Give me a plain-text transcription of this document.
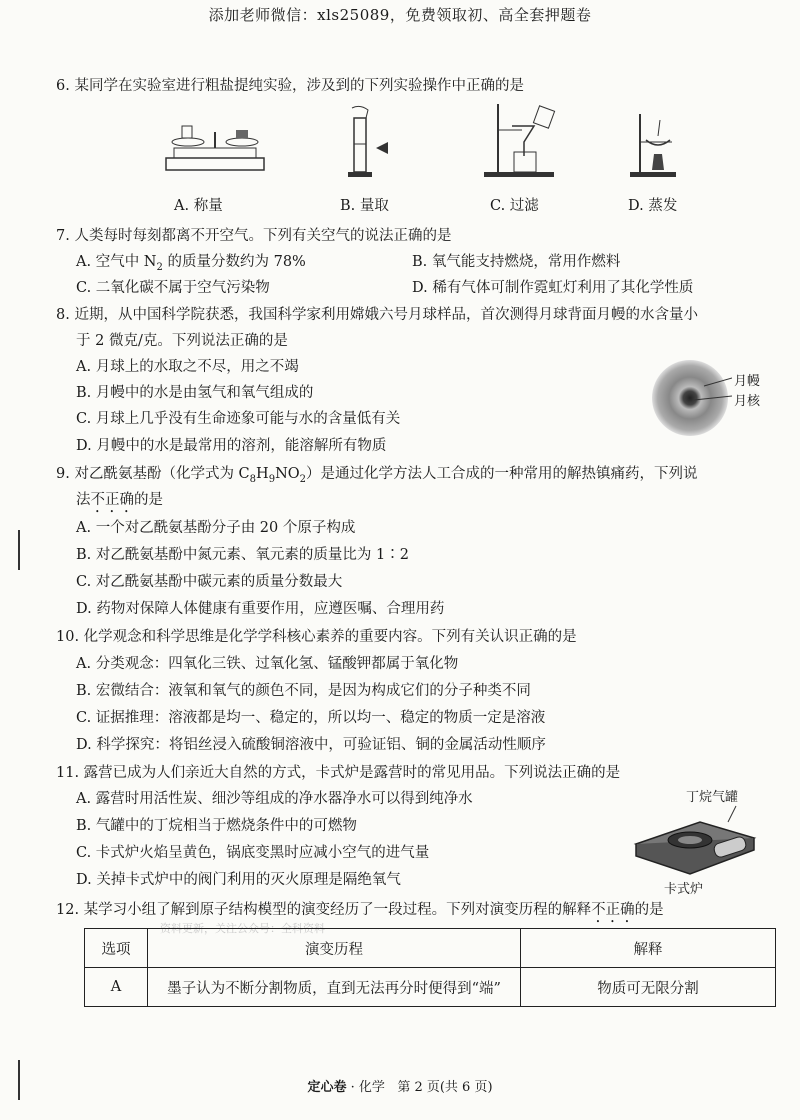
添加老师微信：xls25089，免费领取初、高全套押题卷
6. 某同学在实验室进行粗盐提纯实验，涉及到的下列实验操作中正确的是
A. 称量	B. 量取	C. 过滤	D. 蒸发
7. 人类每时每刻都离不开空气。下列有关空气的说法正确的是
A. 空气中 $N_2$ 的质量分数约为 78%	B. 氧气能支持燃烧，常用作燃料
C. 二氧化碳不属于空气污染物	D. 稀有气体可制作霓虹灯利用了其化学性质
8. 近期，从中国科学院获悉，我国科学家利用嫦娥六号月球样品，首次测得月球背面月幔的水含量小
于 2 微克/克。下列说法正确的是
A. 月球上的水取之不尽，用之不竭
B. 月幔中的水是由氢气和氧气组成的
C. 月球上几乎没有生命迹象可能与水的含量低有关
D. 月幔中的水是最常用的溶剂，能溶解所有物质
月幔
月核
9. 对乙酰氨基酚（化学式为 $C_8H_9NO_2$）是通过化学方法人工合成的一种常用的解热镇痛药，下列说
法不正确的是
A. 一个对乙酰氨基酚分子由 20 个原子构成
B. 对乙酰氨基酚中氮元素、氧元素的质量比为 1∶2
C. 对乙酰氨基酚中碳元素的质量分数最大
D. 药物对保障人体健康有重要作用，应遵医嘱、合理用药
10. 化学观念和科学思维是化学学科核心素养的重要内容。下列有关认识正确的是
A. 分类观念：四氧化三铁、过氧化氢、锰酸钾都属于氧化物
B. 宏微结合：液氧和氧气的颜色不同，是因为构成它们的分子种类不同
C. 证据推理：溶液都是均一、稳定的，所以均一、稳定的物质一定是溶液
D. 科学探究：将铝丝浸入硫酸铜溶液中，可验证铝、铜的金属活动性顺序
11. 露营已成为人们亲近大自然的方式，卡式炉是露营时的常见用品。下列说法正确的是
A. 露营时用活性炭、细沙等组成的净水器净水可以得到纯净水
B. 气罐中的丁烷相当于燃烧条件中的可燃物
C. 卡式炉火焰呈黄色，锅底变黑时应减小空气的进气量
D. 关掉卡式炉中的阀门利用的灭火原理是隔绝氧气
丁烷气罐
卡式炉
12. 某学习小组了解到原子结构模型的演变经历了一段过程。下列对演变历程的解释不正确的是
资料更新，关注公众号：全科资料
选项	演变历程	解释
A	墨子认为不断分割物质，直到无法再分时便得到“端”	物质可无限分割
定心卷 · 化学 第 2 页(共 6 页)
